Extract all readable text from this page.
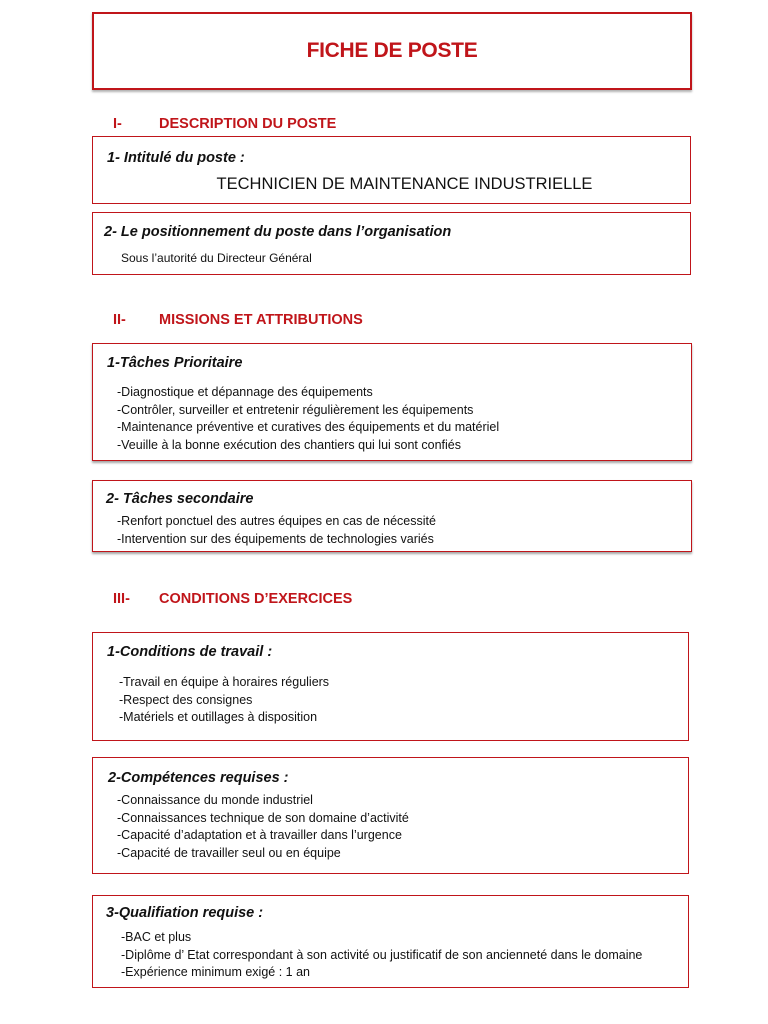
FICHE DE POSTE
I-	DESCRIPTION DU POSTE
1- Intitulé du poste :
TECHNICIEN DE MAINTENANCE INDUSTRIELLE
2- Le positionnement du poste dans l’organisation
Sous l’autorité du Directeur Général
II- MISSIONS ET ATTRIBUTIONS
1-Tâches Prioritaire
-Diagnostique et dépannage des équipements
-Contrôler, surveiller et entretenir régulièrement les équipements
-Maintenance préventive et curatives des équipements et du matériel
-Veuille à la bonne exécution des chantiers qui lui sont confiés
2- Tâches secondaire
-Renfort ponctuel des autres équipes en cas de nécessité
-Intervention sur des équipements de technologies variés
III- CONDITIONS D’EXERCICES
1-Conditions de travail :
-Travail en équipe à horaires réguliers
-Respect des consignes
-Matériels et outillages à disposition
2-Compétences requises :
-Connaissance du monde industriel
-Connaissances technique de son domaine d’activité
-Capacité d’adaptation et à travailler dans l’urgence
-Capacité de travailler seul ou en équipe
3-Qualifiation requise :
-BAC et plus
-Diplôme d’ Etat correspondant à son activité ou justificatif de son ancienneté dans le domaine
-Expérience minimum exigé : 1 an
